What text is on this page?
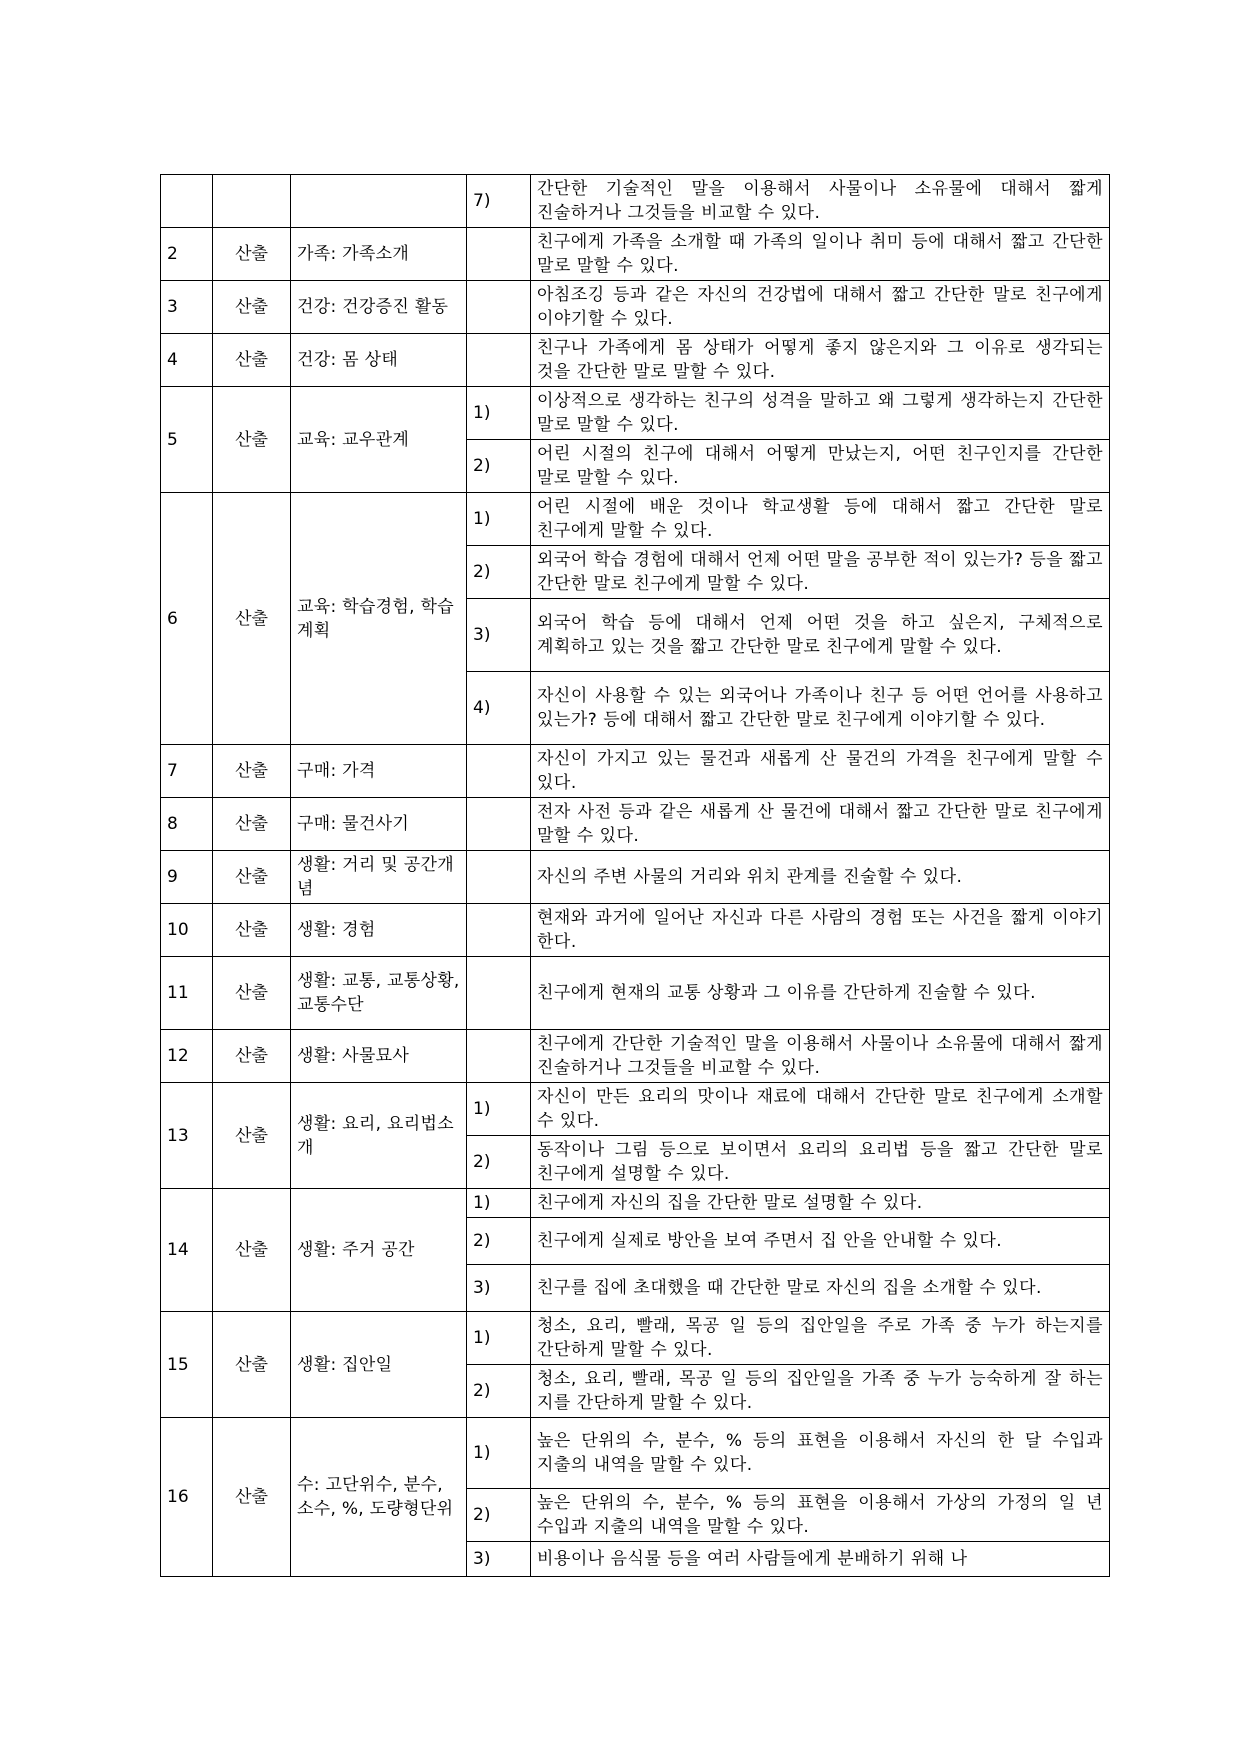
			7)	간단한 기술적인 말을 이용해서 사물이나 소유물에 대해서 짧게 진술하거나 그것들을 비교할 수 있다.
2	산출	가족: 가족소개		친구에게 가족을 소개할 때 가족의 일이나 취미 등에 대해서 짧고 간단한 말로 말할 수 있다.
3	산출	건강: 건강증진 활동		아침조깅 등과 같은 자신의 건강법에 대해서 짧고 간단한 말로 친구에게 이야기할 수 있다.
4	산출	건강: 몸 상태		친구나 가족에게 몸 상태가 어떻게 좋지 않은지와 그 이유로 생각되는 것을 간단한 말로 말할 수 있다.
5	산출	교육: 교우관계	1)	이상적으로 생각하는 친구의 성격을 말하고 왜 그렇게 생각하는지 간단한 말로 말할 수 있다.
			2)	어린 시절의 친구에 대해서 어떻게 만났는지, 어떤 친구인지를 간단한 말로 말할 수 있다.
6	산출	교육: 학습경험, 학습계획	1)	어린 시절에 배운 것이나 학교생활 등에 대해서 짧고 간단한 말로 친구에게 말할 수 있다.
			2)	외국어 학습 경험에 대해서 언제 어떤 말을 공부한 적이 있는가? 등을 짧고 간단한 말로 친구에게 말할 수 있다.
			3)	외국어 학습 등에 대해서 언제 어떤 것을 하고 싶은지, 구체적으로 계획하고 있는 것을 짧고 간단한 말로 친구에게 말할 수 있다.
			4)	자신이 사용할 수 있는 외국어나 가족이나 친구 등 어떤 언어를 사용하고 있는가? 등에 대해서 짧고 간단한 말로 친구에게 이야기할 수 있다.
7	산출	구매: 가격		자신이 가지고 있는 물건과 새롭게 산 물건의 가격을 친구에게 말할 수 있다.
8	산출	구매: 물건사기		전자 사전 등과 같은 새롭게 산 물건에 대해서 짧고 간단한 말로 친구에게 말할 수 있다.
9	산출	생활: 거리 및 공간개념		자신의 주변 사물의 거리와 위치 관계를 진술할 수 있다.
10	산출	생활: 경험		현재와 과거에 일어난 자신과 다른 사람의 경험 또는 사건을 짧게 이야기 한다.
11	산출	생활: 교통, 교통상황, 교통수단		친구에게 현재의 교통 상황과 그 이유를 간단하게 진술할 수 있다.
12	산출	생활: 사물묘사		친구에게 간단한 기술적인 말을 이용해서 사물이나 소유물에 대해서 짧게 진술하거나 그것들을 비교할 수 있다.
13	산출	생활: 요리, 요리법소개	1)	자신이 만든 요리의 맛이나 재료에 대해서 간단한 말로 친구에게 소개할 수 있다.
			2)	동작이나 그림 등으로 보이면서 요리의 요리법 등을 짧고 간단한 말로 친구에게 설명할 수 있다.
14	산출	생활: 주거 공간	1)	친구에게 자신의 집을 간단한 말로 설명할 수 있다.
			2)	친구에게 실제로 방안을 보여 주면서 집 안을 안내할 수 있다.
			3)	친구를 집에 초대했을 때 간단한 말로 자신의 집을 소개할 수 있다.
15	산출	생활: 집안일	1)	청소, 요리, 빨래, 목공 일 등의 집안일을 주로 가족 중 누가 하는지를 간단하게 말할 수 있다.
			2)	청소, 요리, 빨래, 목공 일 등의 집안일을 가족 중 누가 능숙하게 잘 하는 지를 간단하게 말할 수 있다.
16	산출	수: 고단위수, 분수, 소수, %, 도량형단위	1)	높은 단위의 수, 분수, % 등의 표현을 이용해서 자신의 한 달 수입과 지출의 내역을 말할 수 있다.
			2)	높은 단위의 수, 분수, % 등의 표현을 이용해서 가상의 가정의 일 년 수입과 지출의 내역을 말할 수 있다.
			3)	비용이나 음식물 등을 여러 사람들에게 분배하기 위해 나
